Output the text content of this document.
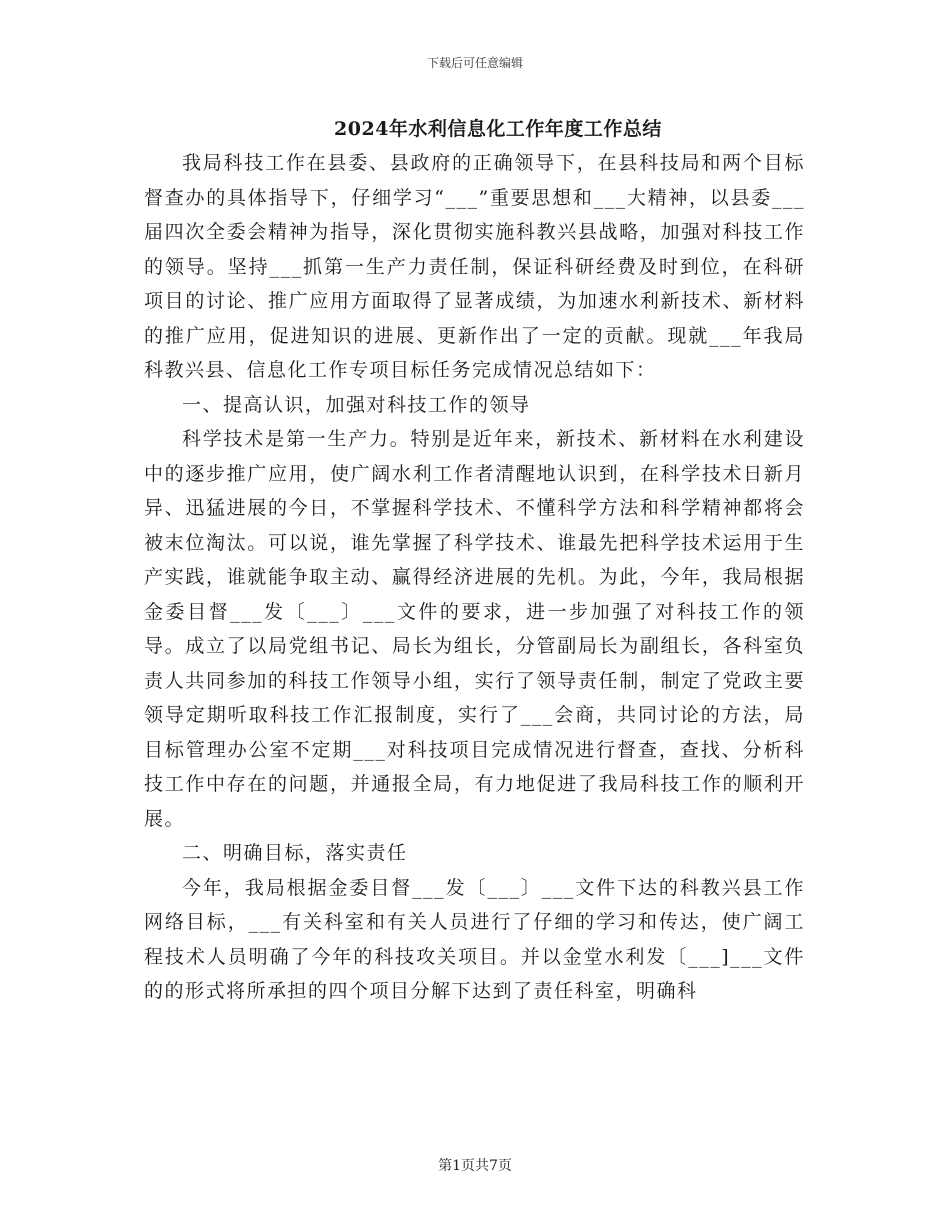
下载后可任意编辑
2024年水利信息化工作年度工作总结

我局科技工作在县委、县政府的正确领导下，在县科技局和两个目标督查办的具体指导下，仔细学习“___”重要思想和___大精神，以县委___届四次全委会精神为指导，深化贯彻实施科教兴县战略，加强对科技工作的领导。坚持___抓第一生产力责任制，保证科研经费及时到位，在科研项目的讨论、推广应用方面取得了显著成绩，为加速水利新技术、新材料的推广应用，促进知识的进展、更新作出了一定的贡献。现就___年我局科教兴县、信息化工作专项目标任务完成情况总结如下：

一、提高认识，加强对科技工作的领导

科学技术是第一生产力。特别是近年来，新技术、新材料在水利建设中的逐步推广应用，使广阔水利工作者清醒地认识到，在科学技术日新月异、迅猛进展的今日，不掌握科学技术、不懂科学方法和科学精神都将会被末位淘汰。可以说，谁先掌握了科学技术、谁最先把科学技术运用于生产实践，谁就能争取主动、赢得经济进展的先机。为此，今年，我局根据金委目督___发〔___〕___文件的要求，进一步加强了对科技工作的领导。成立了以局党组书记、局长为组长，分管副局长为副组长，各科室负责人共同参加的科技工作领导小组，实行了领导责任制，制定了党政主要领导定期听取科技工作汇报制度，实行了___会商，共同讨论的方法，局目标管理办公室不定期___对科技项目完成情况进行督查，查找、分析科技工作中存在的问题，并通报全局，有力地促进了我局科技工作的顺利开展。

二、明确目标，落实责任

今年，我局根据金委目督___发〔___〕___文件下达的科教兴县工作网络目标，___有关科室和有关人员进行了仔细的学习和传达，使广阔工程技术人员明确了今年的科技攻关项目。并以金堂水利发〔___]___文件的的形式将所承担的四个项目分解下达到了责任科室，明确科

第1页共7页
